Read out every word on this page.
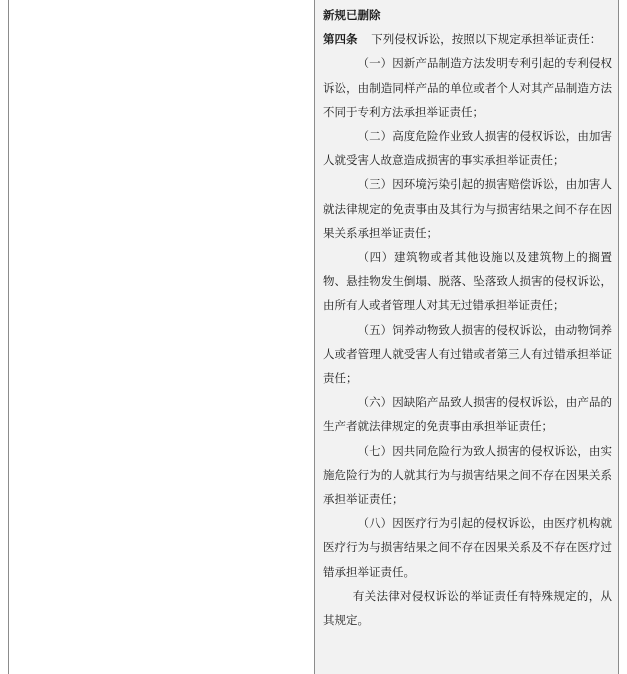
新规已删除

第四条 下列侵权诉讼，按照以下规定承担举证责任：

（一）因新产品制造方法发明专利引起的专利侵权诉讼，由制造同样产品的单位或者个人对其产品制造方法不同于专利方法承担举证责任；

（二）高度危险作业致人损害的侵权诉讼，由加害人就受害人故意造成损害的事实承担举证责任；

（三）因环境污染引起的损害赔偿诉讼，由加害人就法律规定的免责事由及其行为与损害结果之间不存在因果关系承担举证责任；

（四）建筑物或者其他设施以及建筑物上的搁置物、悬挂物发生倒塌、脱落、坠落致人损害的侵权诉讼，由所有人或者管理人对其无过错承担举证责任；

（五）饲养动物致人损害的侵权诉讼，由动物饲养人或者管理人就受害人有过错或者第三人有过错承担举证责任；

（六）因缺陷产品致人损害的侵权诉讼，由产品的生产者就法律规定的免责事由承担举证责任；

（七）因共同危险行为致人损害的侵权诉讼，由实施危险行为的人就其行为与损害结果之间不存在因果关系承担举证责任；

（八）因医疗行为引起的侵权诉讼，由医疗机构就医疗行为与损害结果之间不存在因果关系及不存在医疗过错承担举证责任。

有关法律对侵权诉讼的举证责任有特殊规定的，从其规定。
